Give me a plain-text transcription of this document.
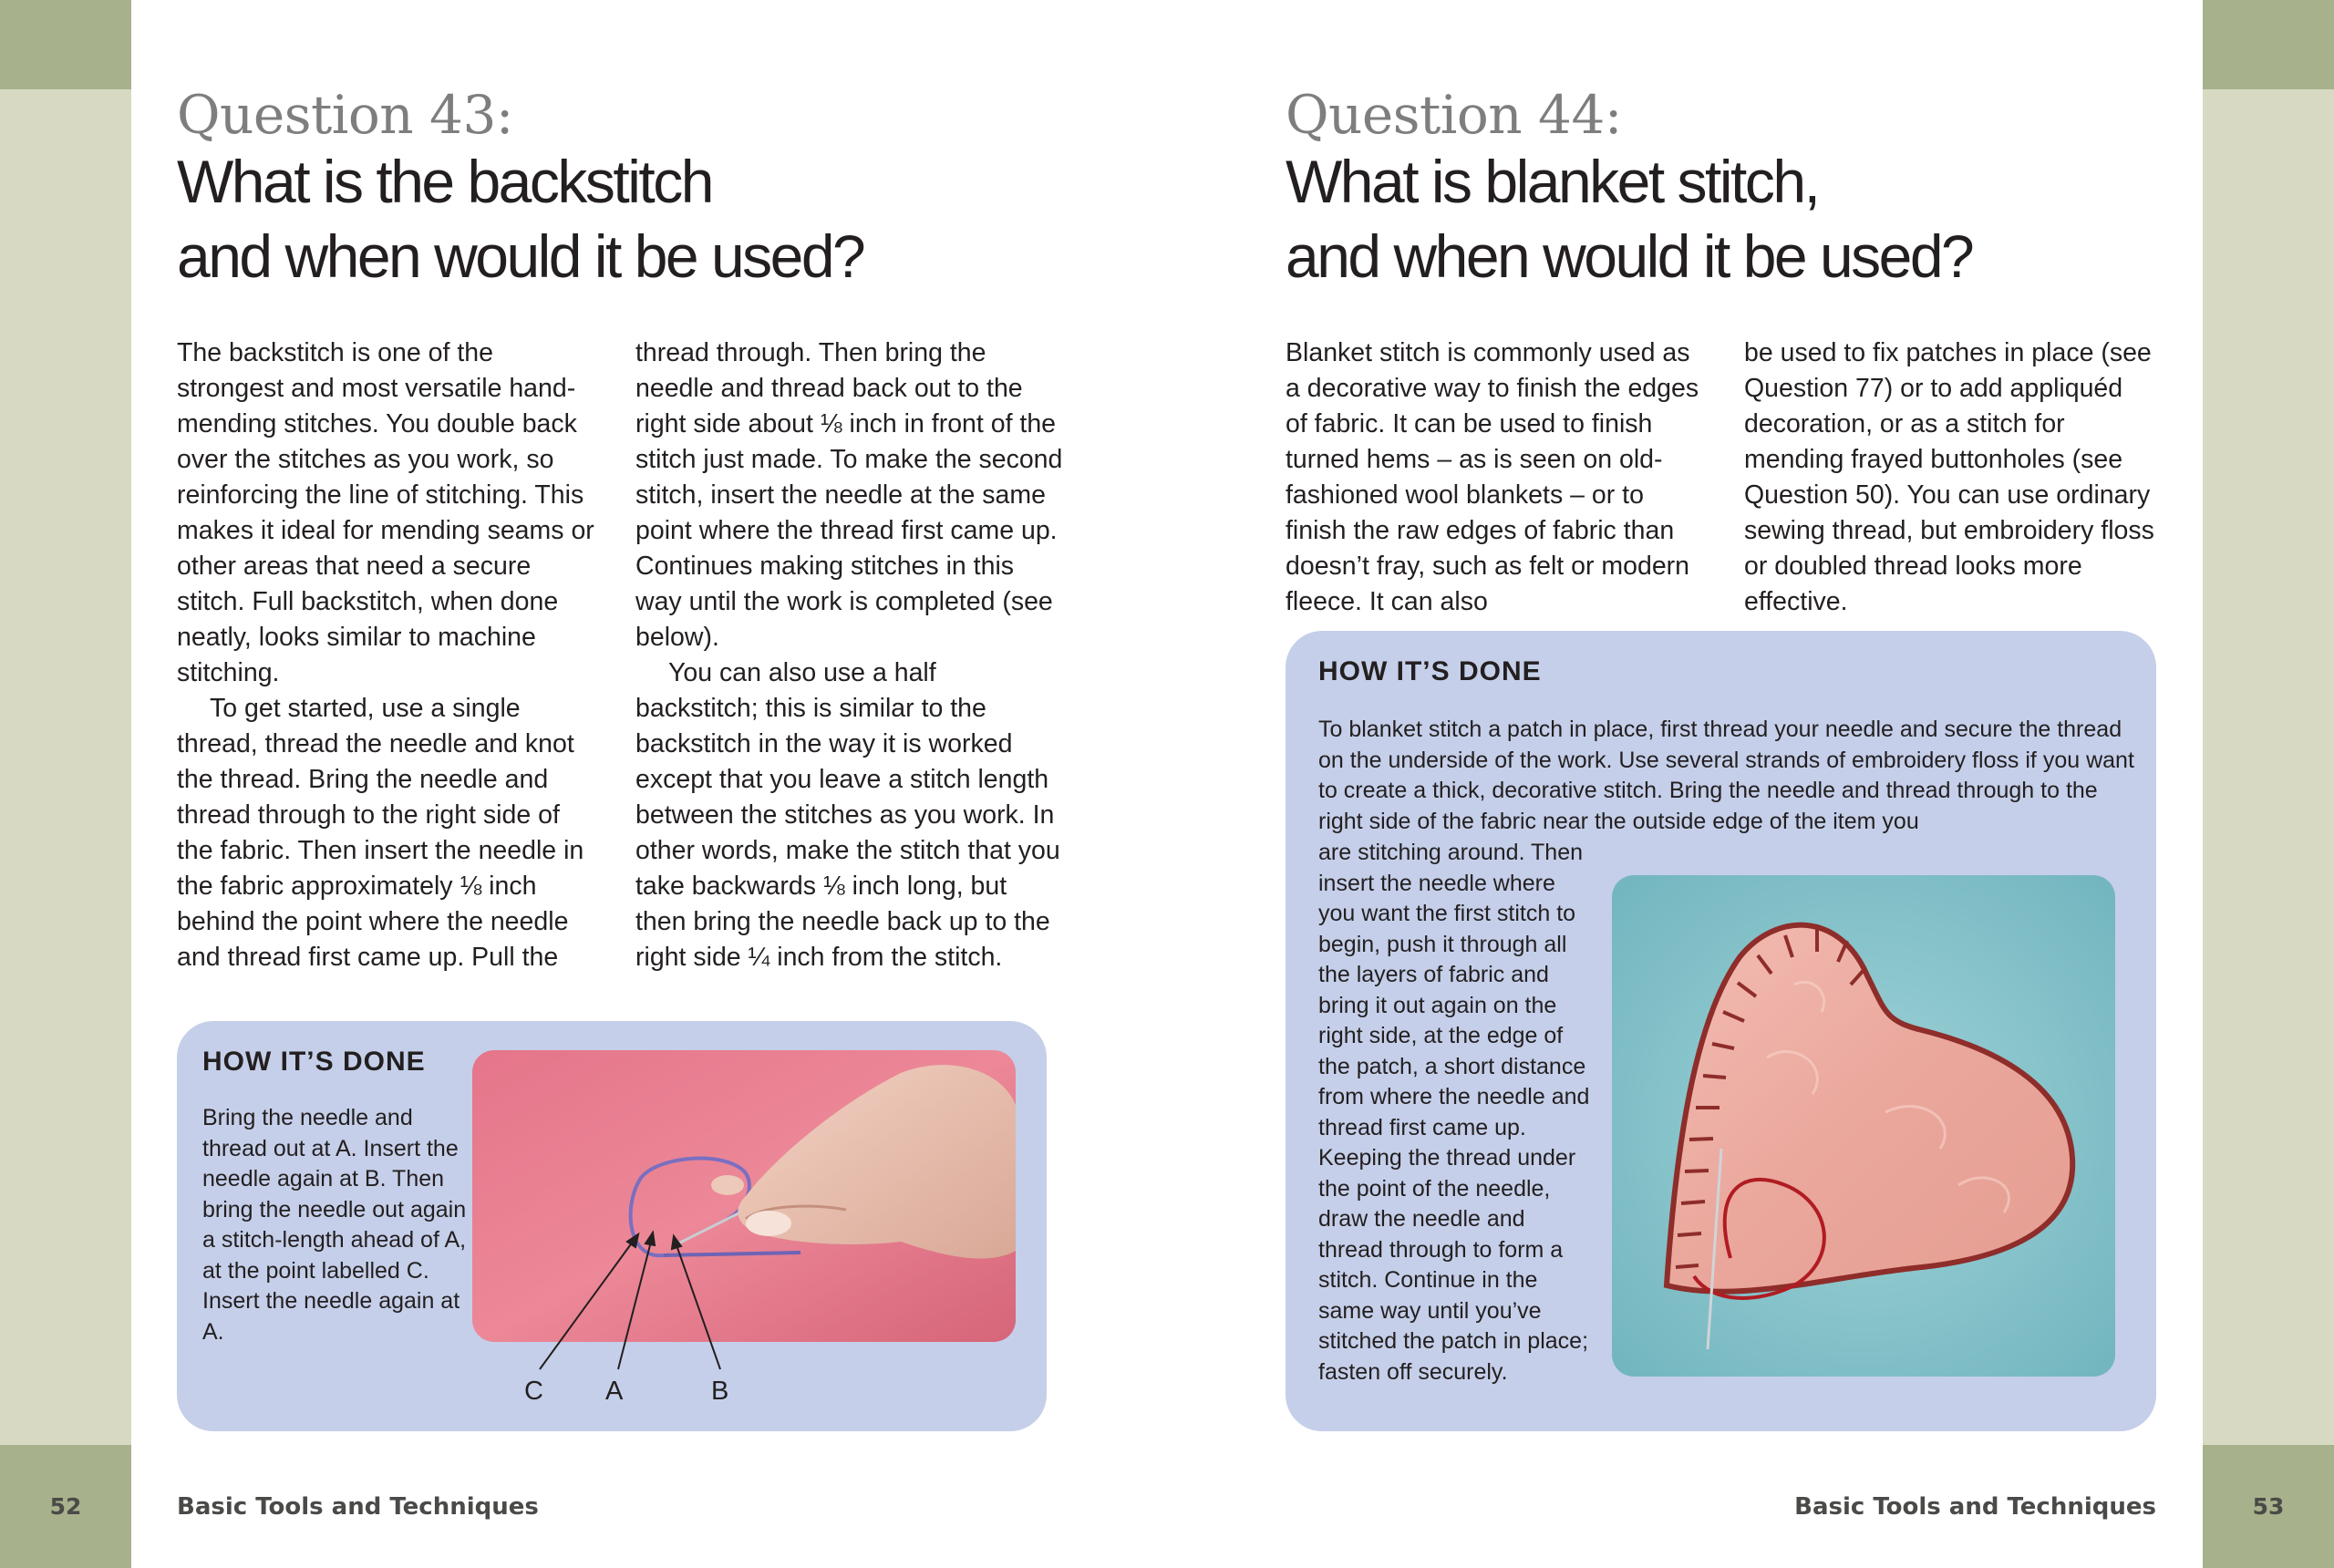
52	53
Basic Tools and Techniques	Basic Tools and Techniques
Question 43:
What is the backstitch
and when would it be used?

The backstitch is one of the strongest and most versatile hand-mending stitches. You double back over the stitches as you work, so reinforcing the line of stitching. This makes it ideal for mending seams or other areas that need a secure stitch. Full backstitch, when done neatly, looks similar to machine stitching.

To get started, use a single thread, thread the needle and knot the thread. Bring the needle and thread through to the right side of the fabric. Then insert the needle in the fabric approximately ⅛ inch behind the point where the needle and thread first came up. Pull the

thread through. Then bring the needle and thread back out to the right side about ⅛ inch in front of the stitch just made. To make the second stitch, insert the needle at the same point where the thread first came up. Continues making stitches in this way until the work is completed (see below).

You can also use a half backstitch; this is similar to the backstitch in the way it is worked except that you leave a stitch length between the stitches as you work. In other words, make the stitch that you take backwards ⅛ inch long, but then bring the needle back up to the right side ¼ inch from the stitch.

HOW IT’S DONE
Bring the needle and thread out at A. Insert the needle again at B. Then bring the needle out again a stitch-length ahead of A, at the point labelled C. Insert the needle again at A.
C A	B
Question 44:
What is blanket stitch,
and when would it be used?

Blanket stitch is commonly used as a decorative way to finish the edges of fabric. It can be used to finish turned hems – as is seen on old-fashioned wool blankets – or to finish the raw edges of fabric than doesn’t fray, such as felt or modern fleece. It can also

be used to fix patches in place (see Question 77) or to add appliquéd decoration, or as a stitch for mending frayed buttonholes (see Question 50). You can use ordinary sewing thread, but embroidery floss or doubled thread looks more effective.

HOW IT’S DONE
To blanket stitch a patch in place, first thread your needle and secure the thread on the underside of the work. Use several strands of embroidery floss if you want to create a thick, decorative stitch. Bring the needle and thread through to the right side of the fabric near the outside edge of the item you
are stitching around. Then insert the needle where you want the first stitch to begin, push it through all the layers of fabric and bring it out again on the right side, at the edge of the patch, a short distance from where the needle and thread first came up. Keeping the thread under the point of the needle, draw the needle and thread through to form a stitch. Continue in the same way until you’ve stitched the patch in place; fasten off securely.
